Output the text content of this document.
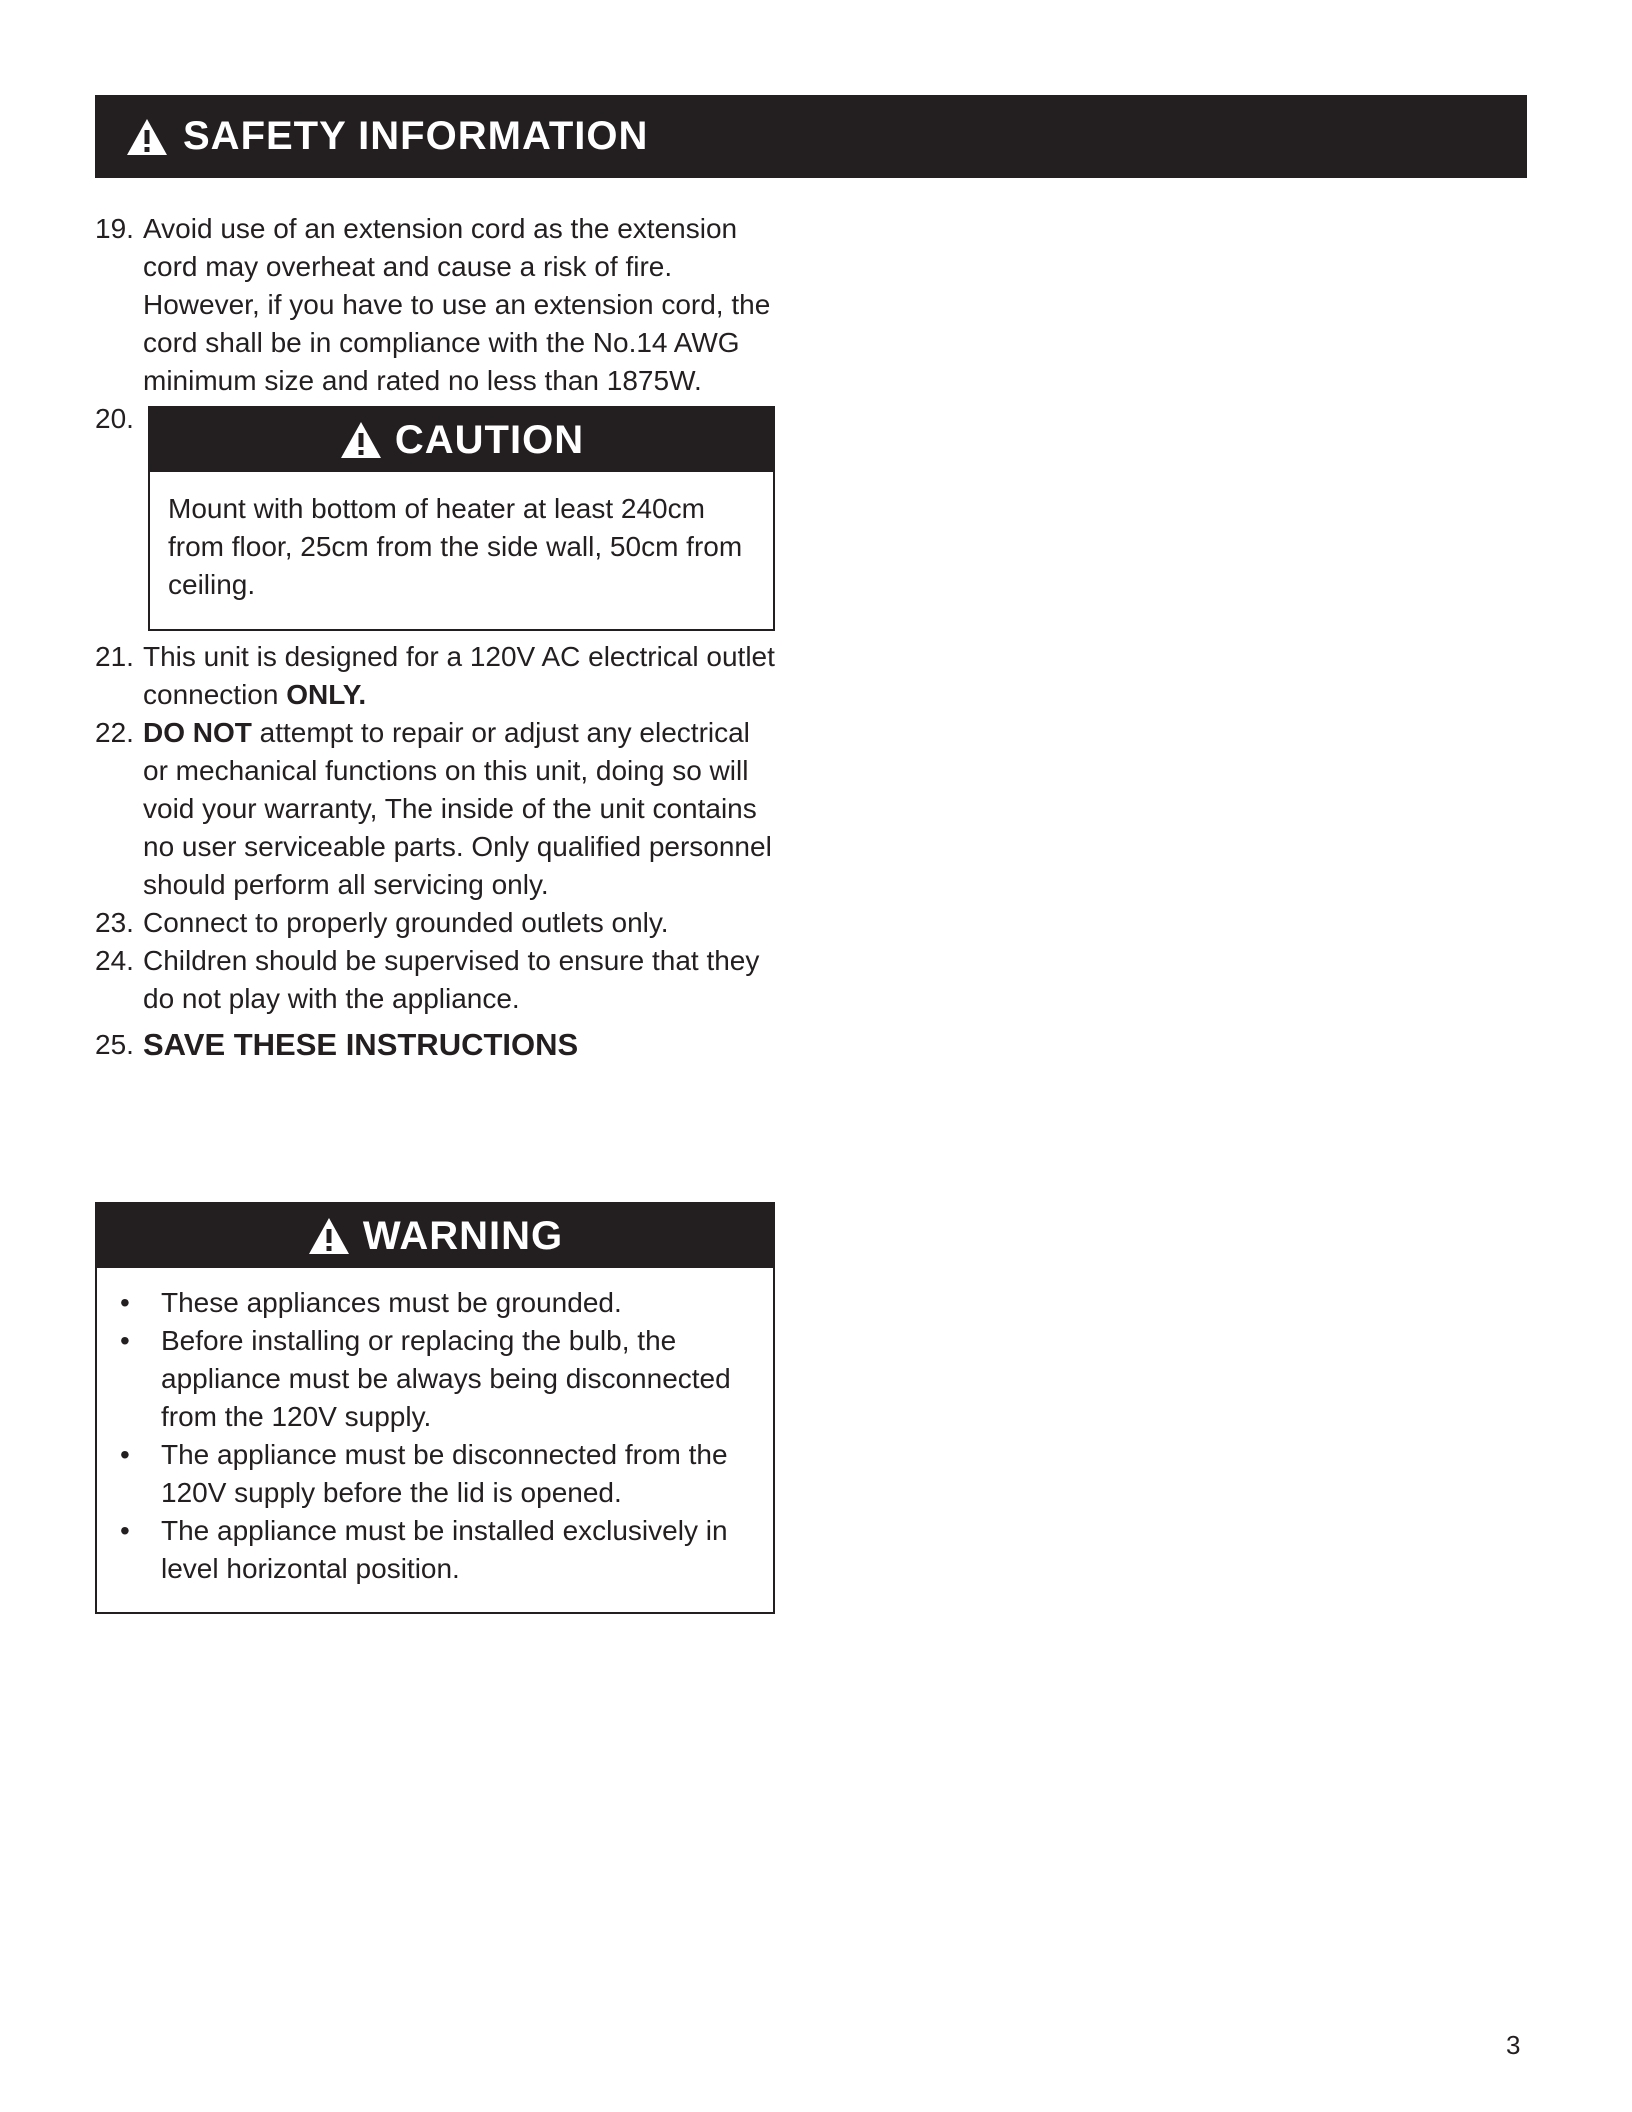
SAFETY INFORMATION
19. Avoid use of an extension cord as the extension cord may overheat and cause a risk of fire. However, if you have to use an extension cord, the cord shall be in compliance with the No.14 AWG minimum size and rated no less than 1875W.
20.	CAUTION
Mount with bottom of heater at least 240cm from floor, 25cm from the side wall, 50cm from ceiling.
21. This unit is designed for a 120V AC electrical outlet connection ONLY.
22. DO NOT attempt to repair or adjust any electrical or mechanical functions on this unit, doing so will void your warranty, The inside of the unit contains no user serviceable parts. Only qualified personnel should perform all servicing only.
23. Connect to properly grounded outlets only.
24. Children should be supervised to ensure that they do not play with the appliance.
25. SAVE THESE INSTRUCTIONS
WARNING
• These appliances must be grounded.
• Before installing or replacing the bulb, the appliance must be always being disconnected from the 120V supply.
• The appliance must be disconnected from the 120V supply before the lid is opened.
• The appliance must be installed exclusively in level horizontal position.
3
